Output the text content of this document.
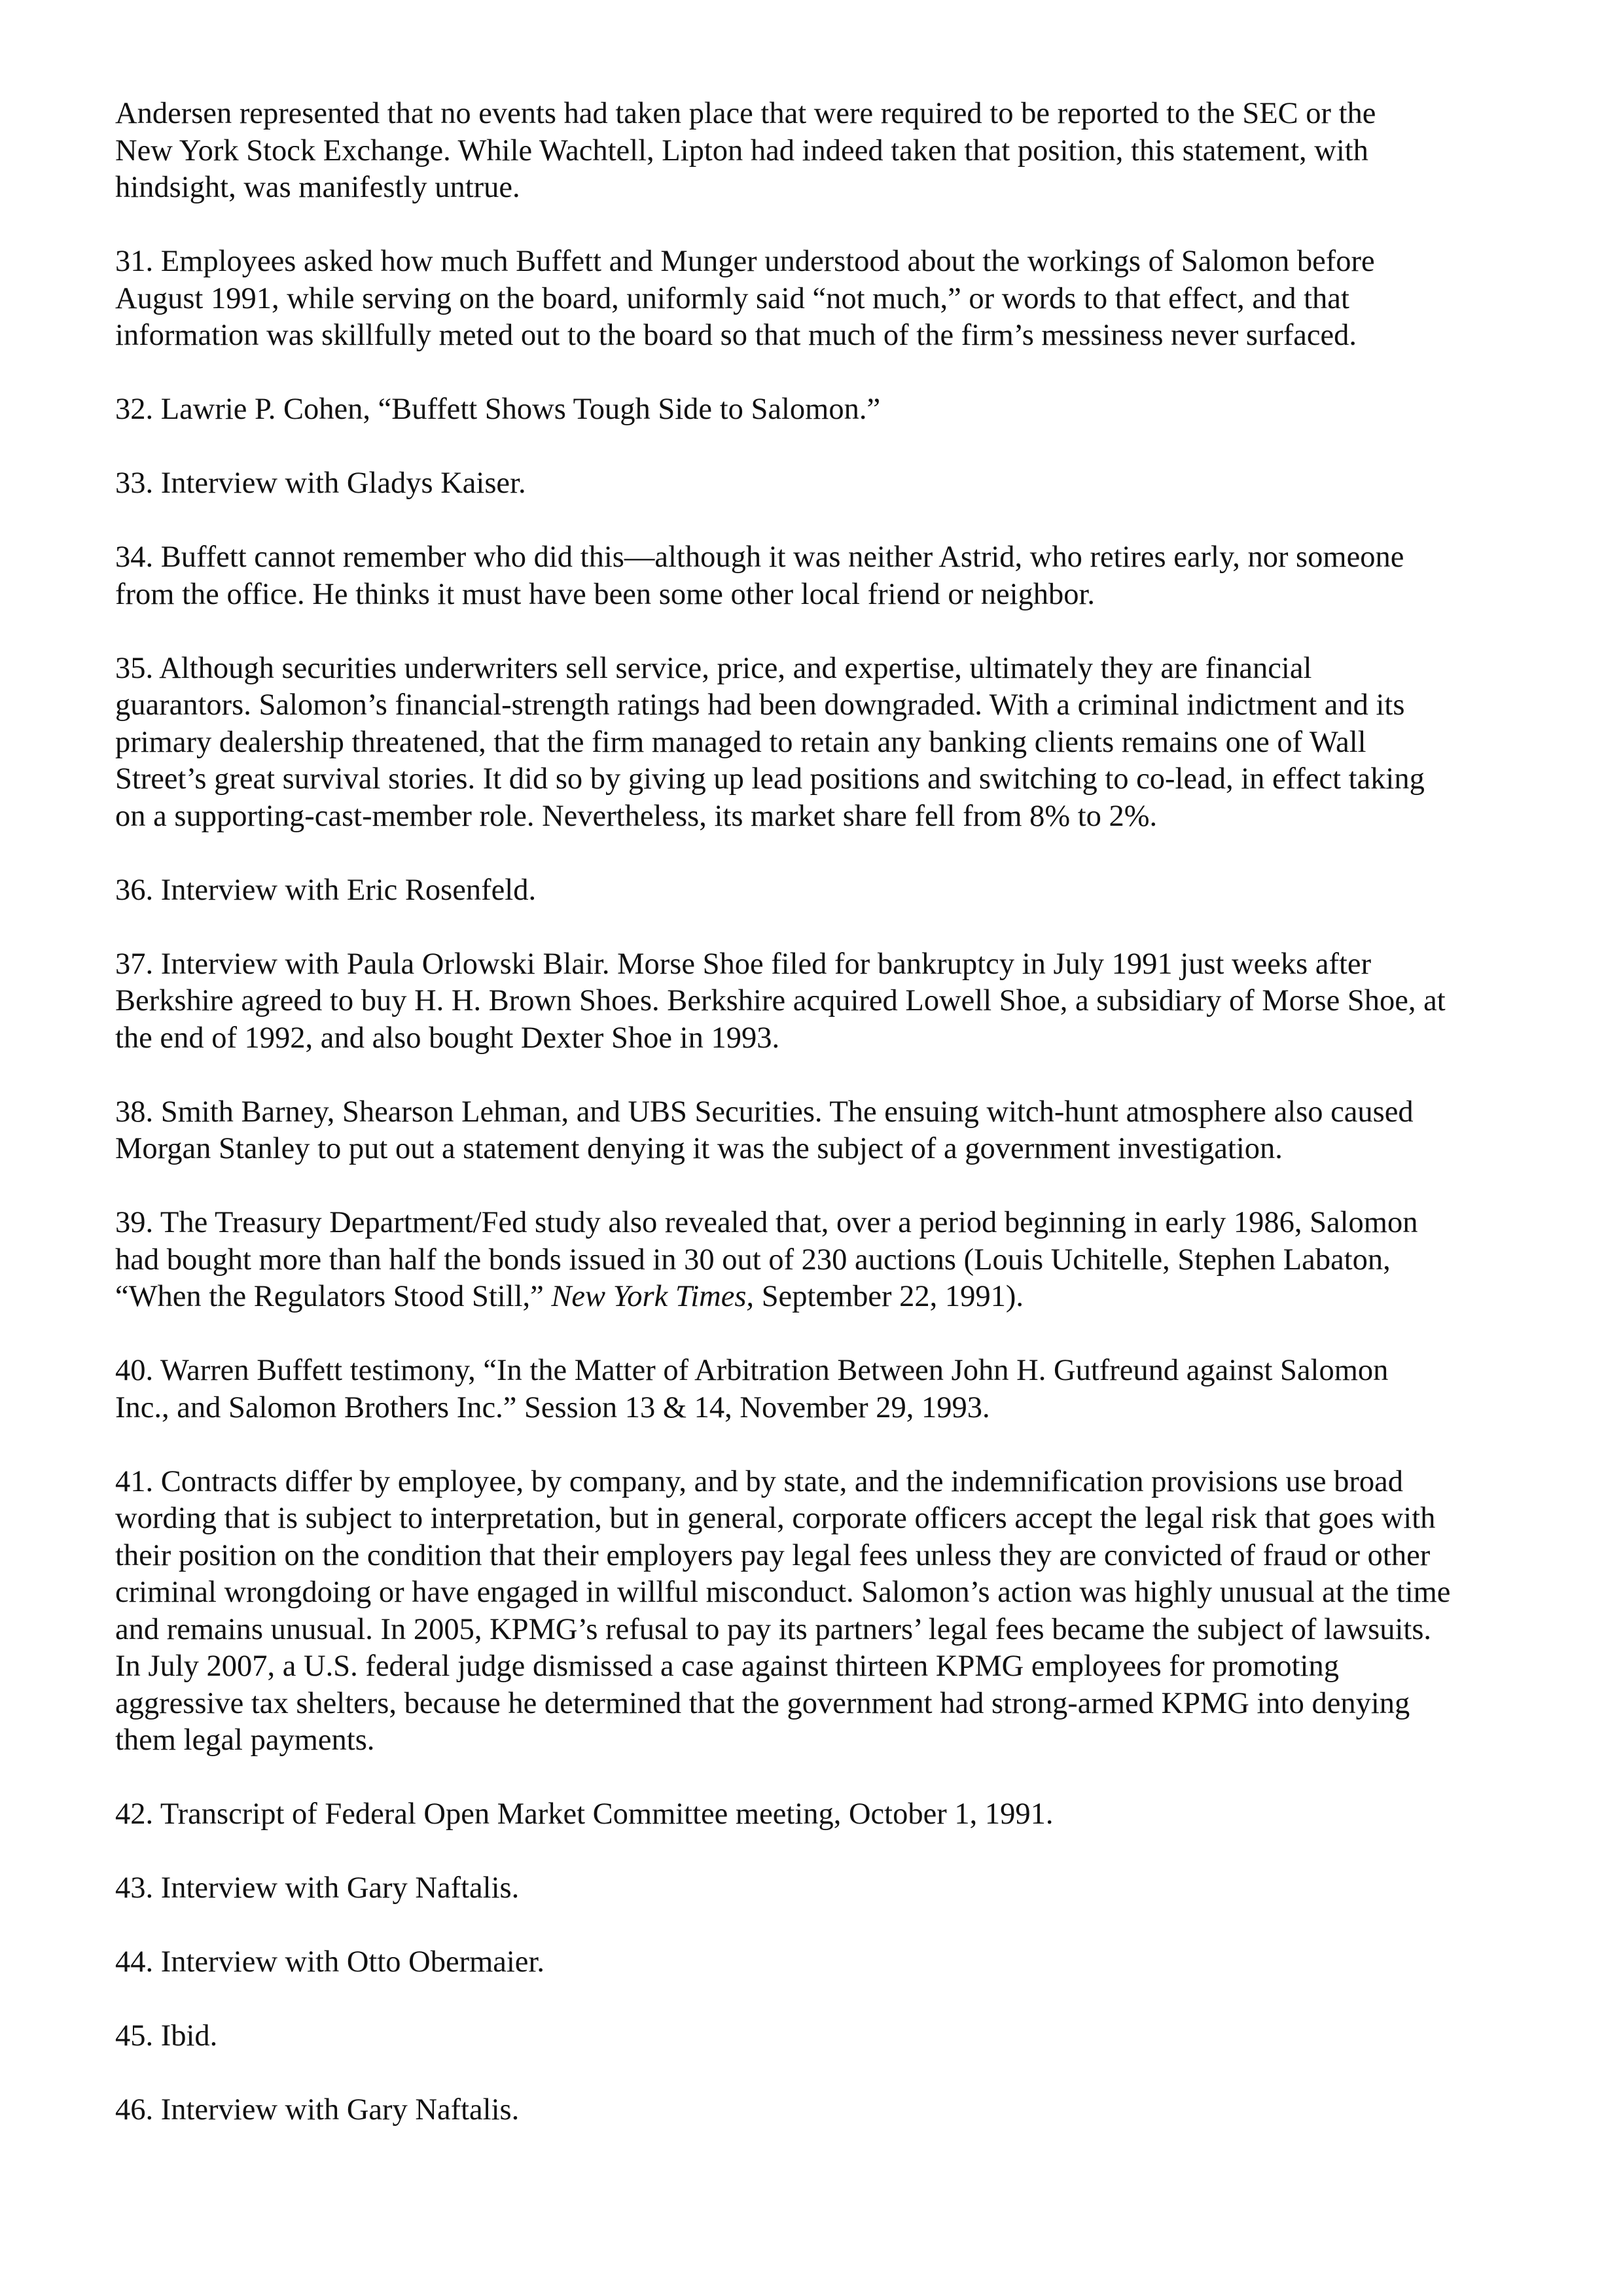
Andersen represented that no events had taken place that were required to be reported to the SEC or the
New York Stock Exchange. While Wachtell, Lipton had indeed taken that position, this statement, with
hindsight, was manifestly untrue.

31. Employees asked how much Buffett and Munger understood about the workings of Salomon before
August 1991, while serving on the board, uniformly said “not much,” or words to that effect, and that
information was skillfully meted out to the board so that much of the firm’s messiness never surfaced.

32. Lawrie P. Cohen, “Buffett Shows Tough Side to Salomon.”

33. Interview with Gladys Kaiser.

34. Buffett cannot remember who did this—although it was neither Astrid, who retires early, nor someone
from the office. He thinks it must have been some other local friend or neighbor.

35. Although securities underwriters sell service, price, and expertise, ultimately they are financial
guarantors. Salomon’s financial-strength ratings had been downgraded. With a criminal indictment and its
primary dealership threatened, that the firm managed to retain any banking clients remains one of Wall
Street’s great survival stories. It did so by giving up lead positions and switching to co-lead, in effect taking
on a supporting-cast-member role. Nevertheless, its market share fell from 8% to 2%.

36. Interview with Eric Rosenfeld.

37. Interview with Paula Orlowski Blair. Morse Shoe filed for bankruptcy in July 1991 just weeks after
Berkshire agreed to buy H. H. Brown Shoes. Berkshire acquired Lowell Shoe, a subsidiary of Morse Shoe, at
the end of 1992, and also bought Dexter Shoe in 1993.

38. Smith Barney, Shearson Lehman, and UBS Securities. The ensuing witch-hunt atmosphere also caused
Morgan Stanley to put out a statement denying it was the subject of a government investigation.

39. The Treasury Department/Fed study also revealed that, over a period beginning in early 1986, Salomon
had bought more than half the bonds issued in 30 out of 230 auctions (Louis Uchitelle, Stephen Labaton,
“When the Regulators Stood Still,” New York Times, September 22, 1991).

40. Warren Buffett testimony, “In the Matter of Arbitration Between John H. Gutfreund against Salomon
Inc., and Salomon Brothers Inc.” Session 13 & 14, November 29, 1993.

41. Contracts differ by employee, by company, and by state, and the indemnification provisions use broad
wording that is subject to interpretation, but in general, corporate officers accept the legal risk that goes with
their position on the condition that their employers pay legal fees unless they are convicted of fraud or other
criminal wrongdoing or have engaged in willful misconduct. Salomon’s action was highly unusual at the time
and remains unusual. In 2005, KPMG’s refusal to pay its partners’ legal fees became the subject of lawsuits.
In July 2007, a U.S. federal judge dismissed a case against thirteen KPMG employees for promoting
aggressive tax shelters, because he determined that the government had strong-armed KPMG into denying
them legal payments.

42. Transcript of Federal Open Market Committee meeting, October 1, 1991.

43. Interview with Gary Naftalis.

44. Interview with Otto Obermaier.

45. Ibid.

46. Interview with Gary Naftalis.
